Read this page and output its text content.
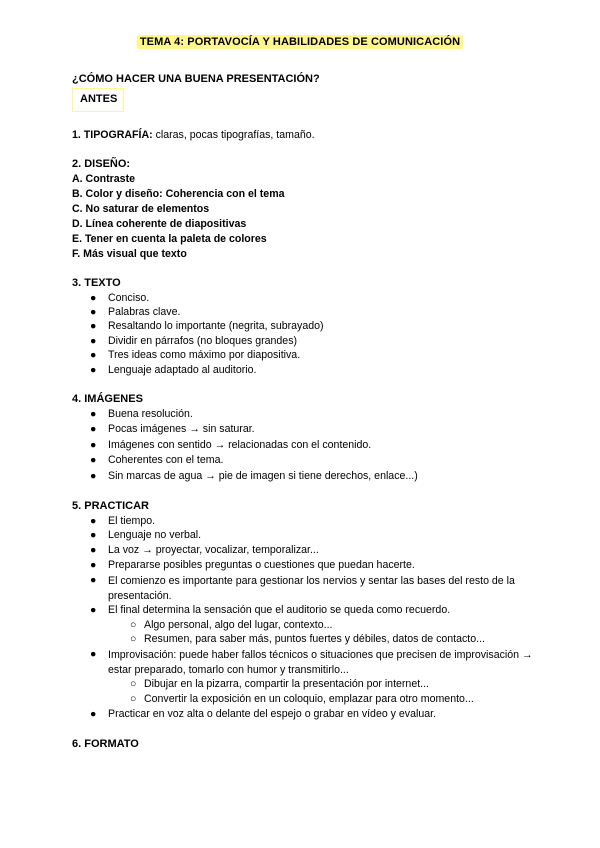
TEMA 4: PORTAVOCÍA Y HABILIDADES DE COMUNICACIÓN
¿CÓMO HACER UNA BUENA PRESENTACIÓN?
ANTES
1. TIPOGRAFÍA: claras, pocas tipografías, tamaño.
2. DISEÑO:
A. Contraste
B. Color y diseño: Coherencia con el tema
C. No saturar de elementos
D. Línea coherente de diapositivas
E. Tener en cuenta la paleta de colores
F. Más visual que texto
3. TEXTO
●	Conciso.
●	Palabras clave.
●	Resaltando lo importante (negrita, subrayado)
●	Dividir en párrafos (no bloques grandes)
●	Tres ideas como máximo por diapositiva.
●	Lenguaje adaptado al auditorio.
4. IMÁGENES
●	Buena resolución.
●	Pocas imágenes → sin saturar.
●	Imágenes con sentido → relacionadas con el contenido.
●	Coherentes con el tema.
●	Sin marcas de agua → pie de imagen si tiene derechos, enlace...)
5. PRACTICAR
●	El tiempo.
●	Lenguaje no verbal.
●	La voz → proyectar, vocalizar, temporalizar...
●	Prepararse posibles preguntas o cuestiones que puedan hacerte.
●	El comienzo es importante para gestionar los nervios y sentar las bases del resto de la presentación.
●	El final determina la sensación que el auditorio se queda como recuerdo.
○ Algo personal, algo del lugar, contexto...
○ Resumen, para saber más, puntos fuertes y débiles, datos de contacto...
●	Improvisación: puede haber fallos técnicos o situaciones que precisen de improvisación → estar preparado, tomarlo con humor y transmitirlo...
○ Dibujar en la pizarra, compartir la presentación por internet...
○ Convertir la exposición en un coloquio, emplazar para otro momento...
●	Practicar en voz alta o delante del espejo o grabar en vídeo y evaluar.
6. FORMATO
